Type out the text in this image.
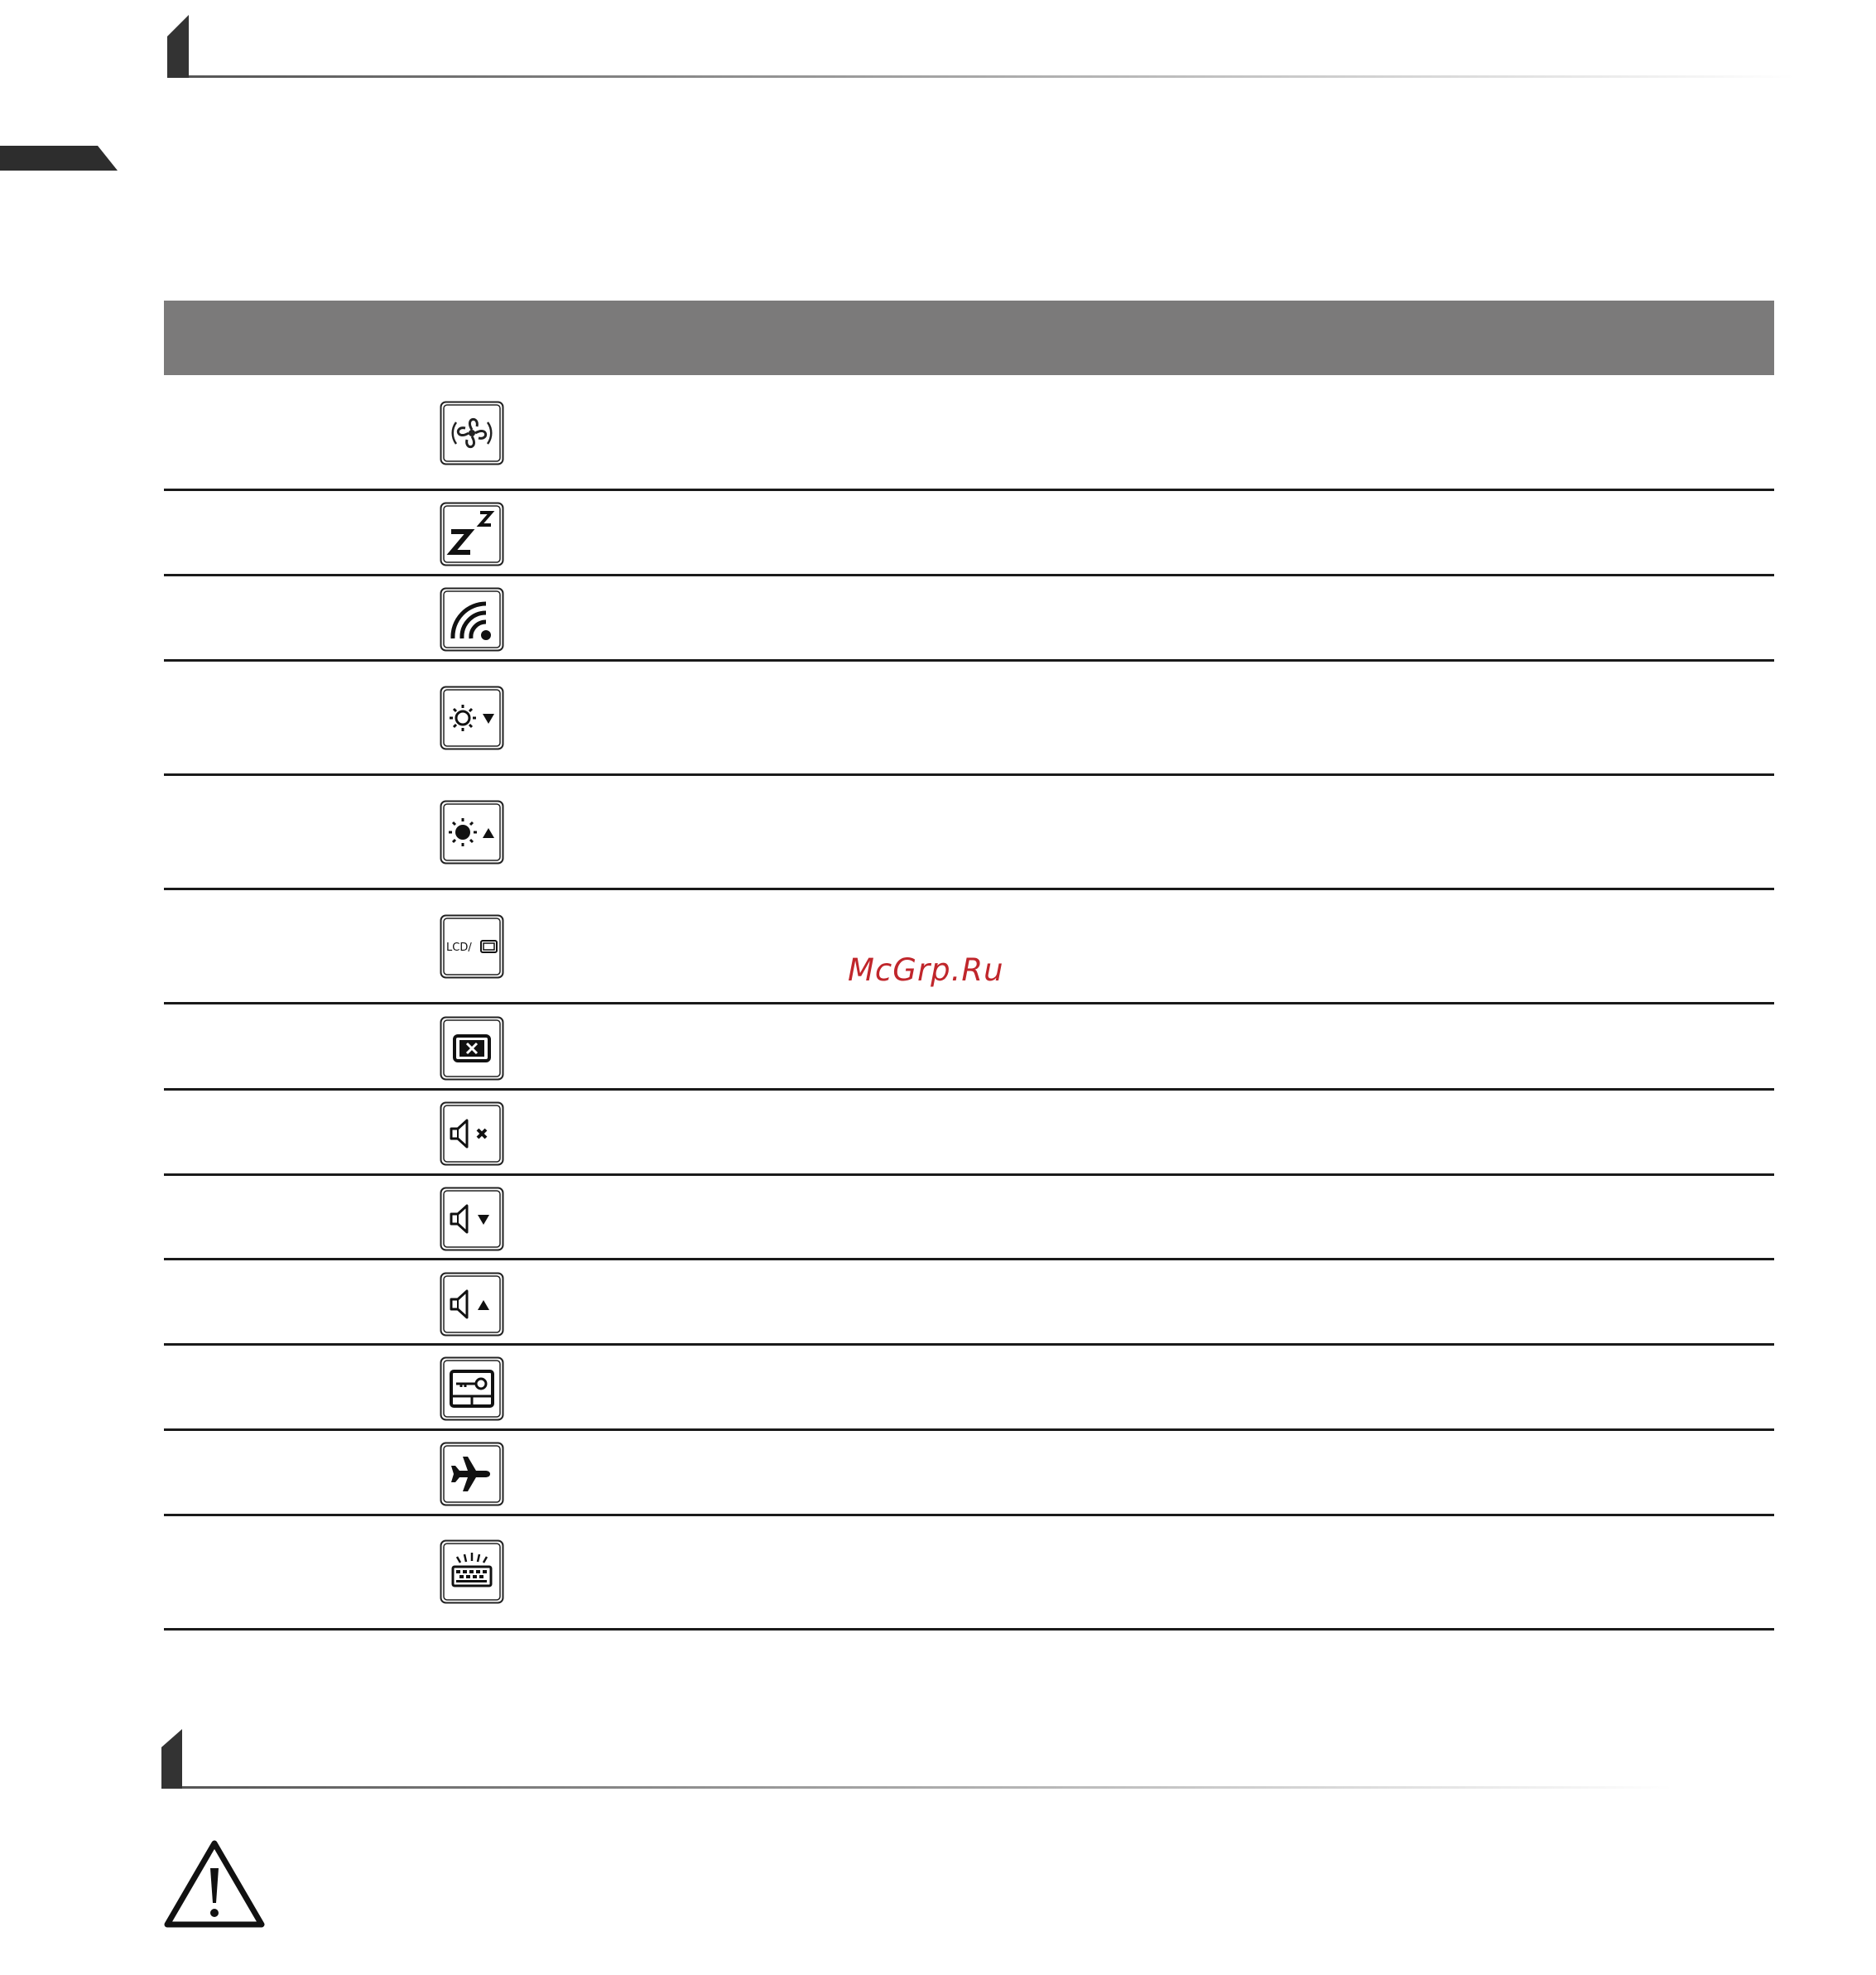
LCD/
McGrp.Ru
